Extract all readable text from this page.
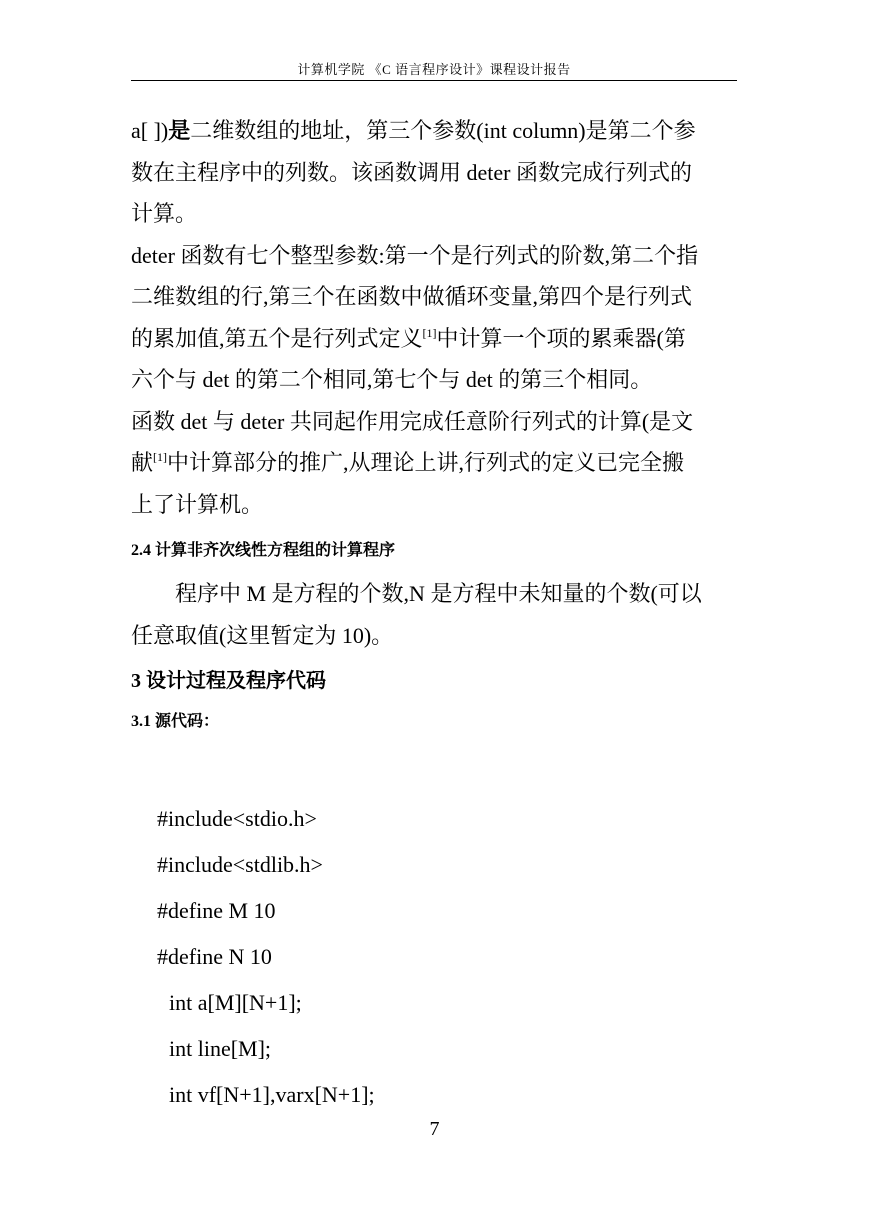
计算机学院 《C 语言程序设计》课程设计报告

a[ ])是二维数组的地址，第三个参数(int column)是第二个参
数在主程序中的列数。该函数调用 deter 函数完成行列式的
计算。

deter 函数有七个整型参数:第一个是行列式的阶数,第二个指
二维数组的行,第三个在函数中做循环变量,第四个是行列式
的累加值,第五个是行列式定义[1]中计算一个项的累乘器(第
六个与 det 的第二个相同,第七个与 det 的第三个相同。

函数 det 与 deter 共同起作用完成任意阶行列式的计算(是文
献[1]中计算部分的推广,从理论上讲,行列式的定义已完全搬
上了计算机。

2.4 计算非齐次线性方程组的计算程序

程序中 M 是方程的个数,N 是方程中未知量的个数(可以
任意取值(这里暂定为 10)。

3 设计过程及程序代码
3.1 源代码：
#include<stdio.h>
#include<stdlib.h>
#define M 10
#define N 10
int a[M][N+1];
int line[M];
int vf[N+1],varx[N+1];
7
